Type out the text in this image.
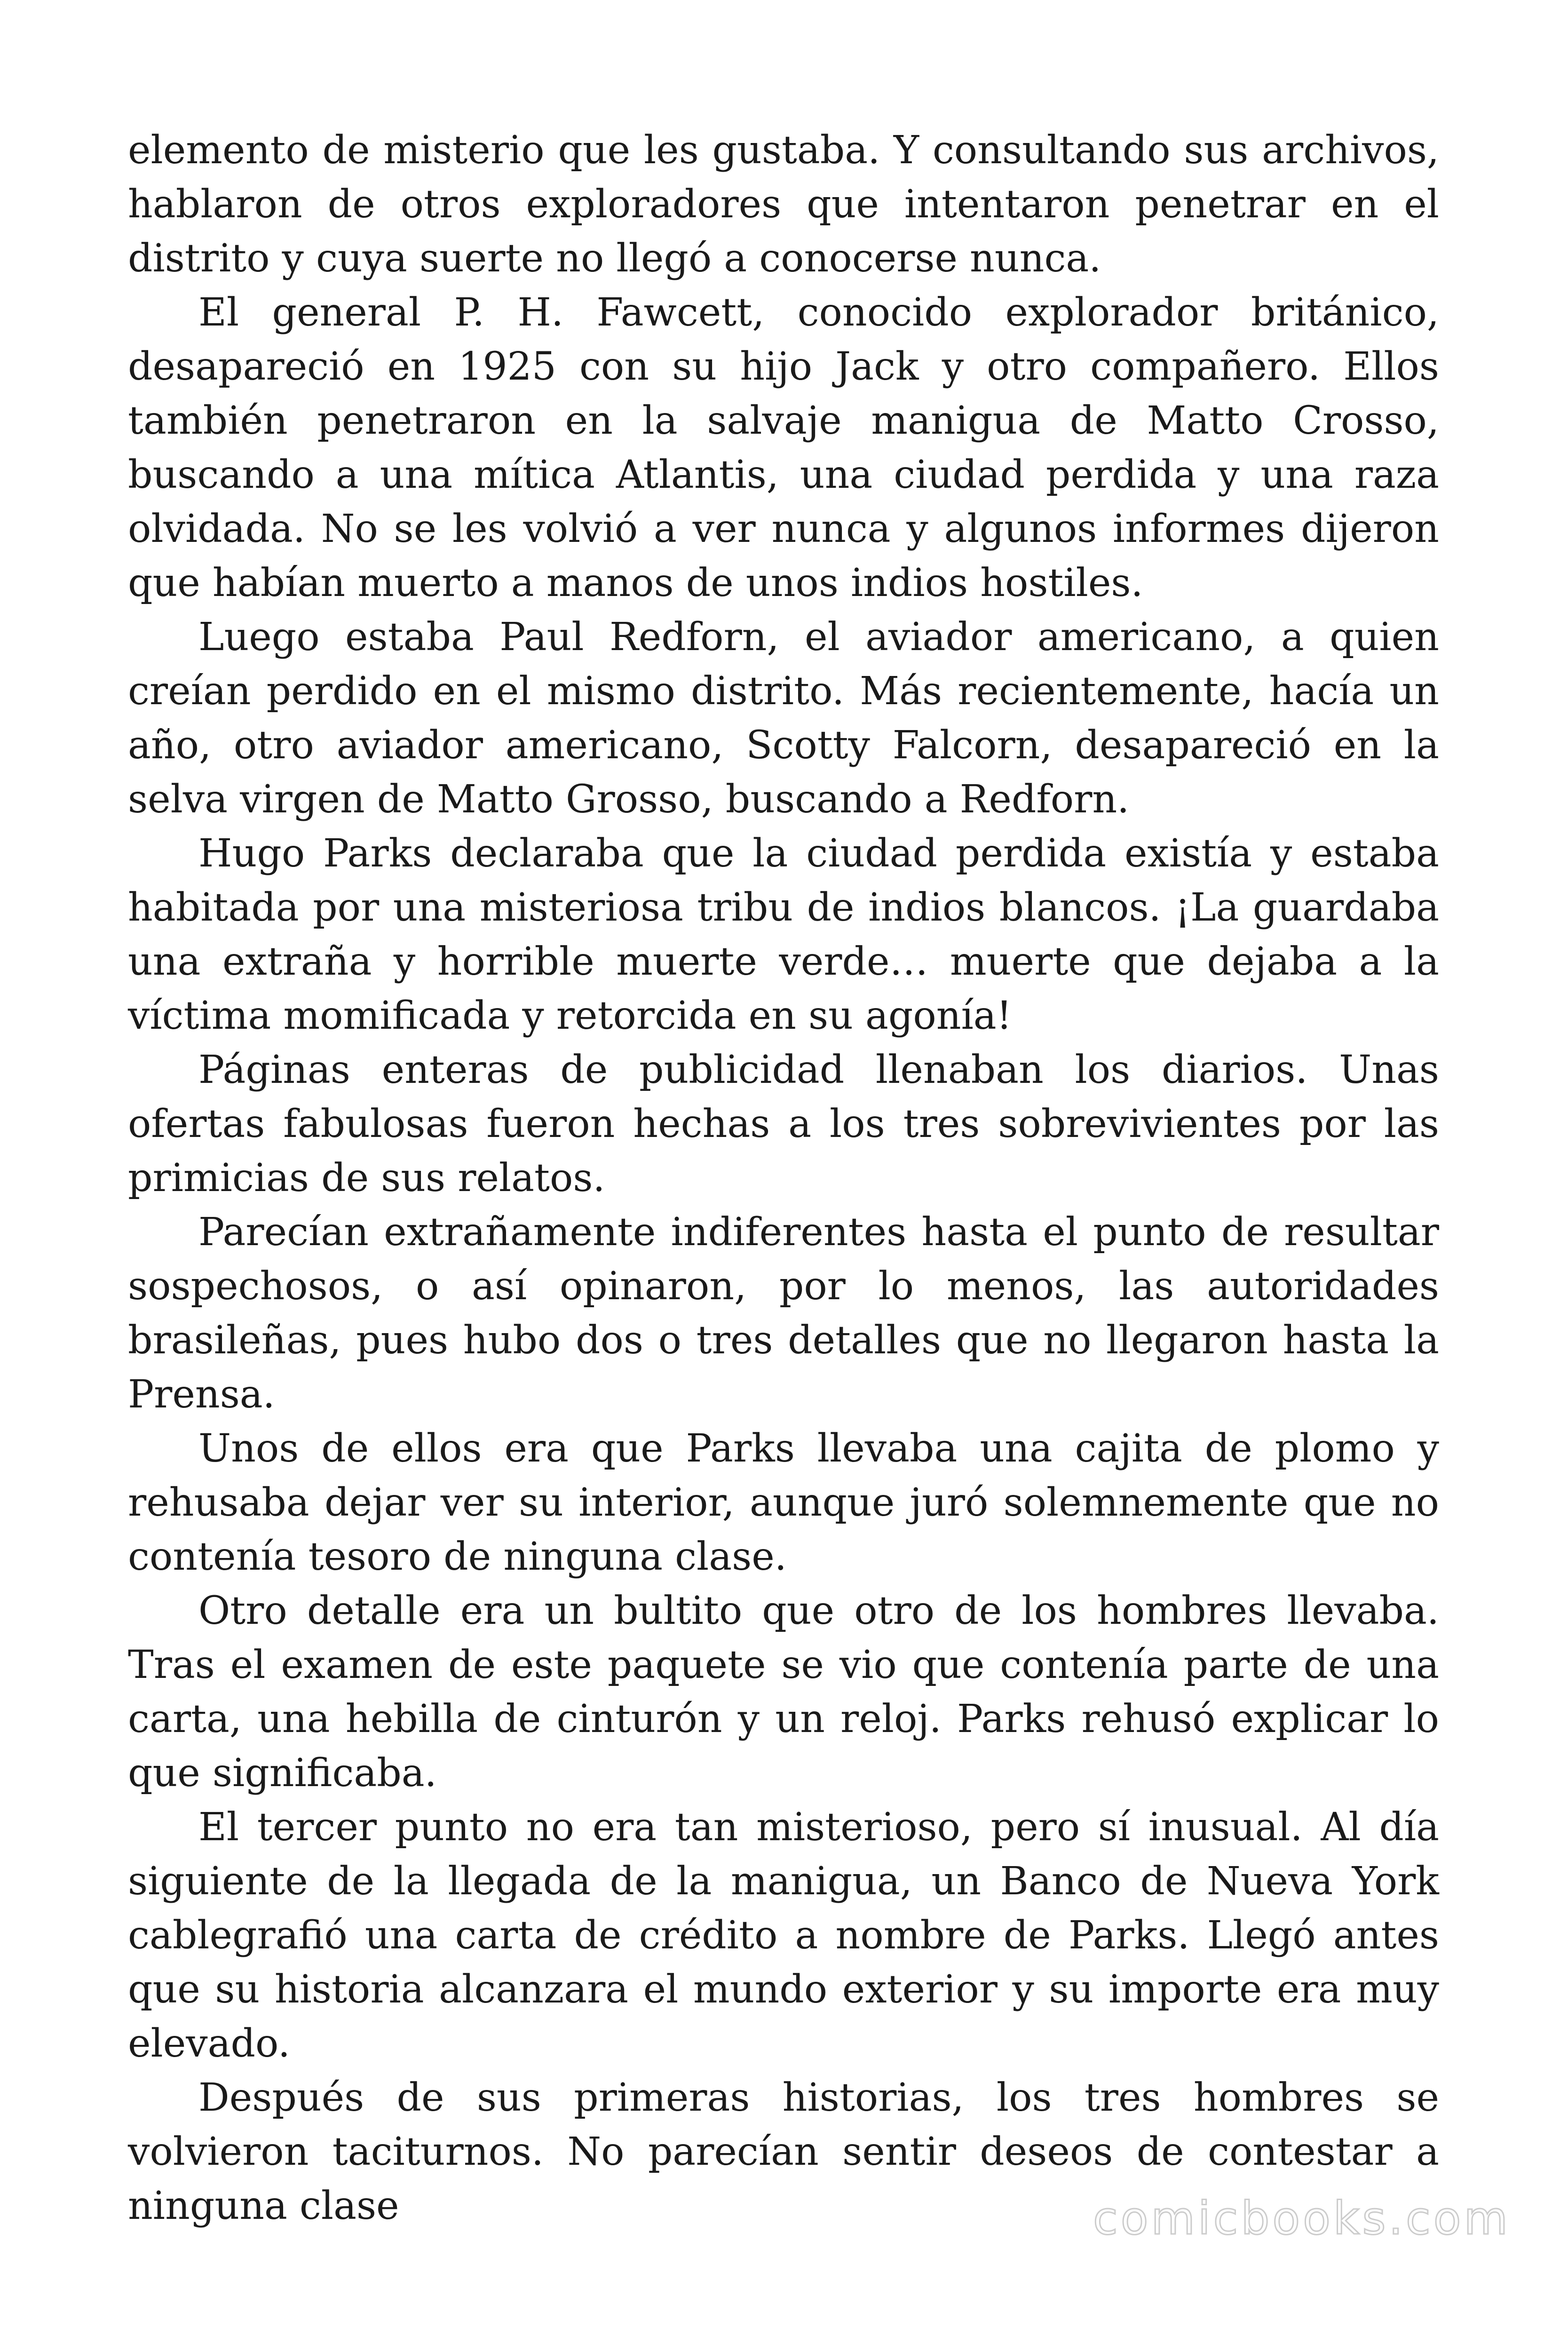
elemento de misterio que les gustaba. Y consultando sus archivos, hablaron de otros exploradores que intentaron penetrar en el distrito y cuya suerte no llegó a conocerse nunca.

El general P. H. Fawcett, conocido explorador británico, desapareció en 1925 con su hijo Jack y otro compañero. Ellos también penetraron en la salvaje manigua de Matto Crosso, buscando a una mítica Atlantis, una ciudad perdida y una raza olvidada. No se les volvió a ver nunca y algunos informes dijeron que habían muerto a manos de unos indios hostiles.

Luego estaba Paul Redforn, el aviador americano, a quien creían perdido en el mismo distrito. Más recientemente, hacía un año, otro aviador americano, Scotty Falcorn, desapareció en la selva virgen de Matto Grosso, buscando a Redforn.

Hugo Parks declaraba que la ciudad perdida existía y estaba habitada por una misteriosa tribu de indios blancos. ¡La guardaba una extraña y horrible muerte verde… muerte que dejaba a la víctima momificada y retorcida en su agonía!

Páginas enteras de publicidad llenaban los diarios. Unas ofertas fabulosas fueron hechas a los tres sobrevivientes por las primicias de sus relatos.

Parecían extrañamente indiferentes hasta el punto de resultar sospechosos, o así opinaron, por lo menos, las autoridades brasileñas, pues hubo dos o tres detalles que no llegaron hasta la Prensa.

Unos de ellos era que Parks llevaba una cajita de plomo y rehusaba dejar ver su interior, aunque juró solemnemente que no contenía tesoro de ninguna clase.

Otro detalle era un bultito que otro de los hombres llevaba. Tras el examen de este paquete se vio que contenía parte de una carta, una hebilla de cinturón y un reloj. Parks rehusó explicar lo que significaba.

El tercer punto no era tan misterioso, pero sí inusual. Al día siguiente de la llegada de la manigua, un Banco de Nueva York cablegrafió una carta de crédito a nombre de Parks. Llegó antes que su historia alcanzara el mundo exterior y su importe era muy elevado.

Después de sus primeras historias, los tres hombres se volvieron taciturnos. No parecían sentir deseos de contestar a ninguna clase	comicbooks.com
